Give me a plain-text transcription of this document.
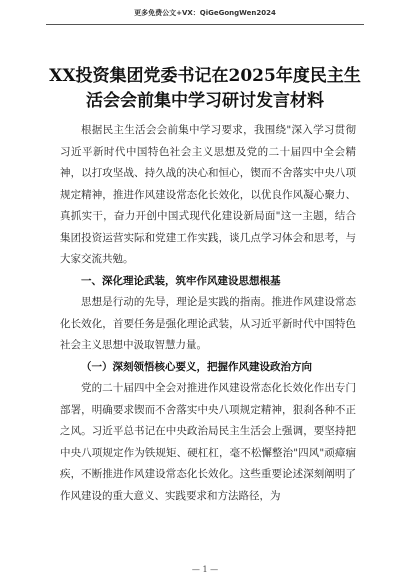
更多免费公文+VX：QiGeGongWen2024
XX投资集团党委书记在2025年度民主生活会会前集中学习研讨发言材料

根据民主生活会会前集中学习要求，我围绕"深入学习贯彻习近平新时代中国特色社会主义思想及党的二十届四中全会精神，以打攻坚战、持久战的决心和恒心，锲而不舍落实中央八项规定精神，推进作风建设常态化长效化，以优良作风凝心聚力、真抓实干，奋力开创中国式现代化建设新局面"这一主题，结合集团投资运营实际和党建工作实践，谈几点学习体会和思考，与大家交流共勉。

一、深化理论武装，筑牢作风建设思想根基

思想是行动的先导，理论是实践的指南。推进作风建设常态化长效化，首要任务是强化理论武装，从习近平新时代中国特色社会主义思想中汲取智慧力量。

（一）深刻领悟核心要义，把握作风建设政治方向

党的二十届四中全会对推进作风建设常态化长效化作出专门部署，明确要求锲而不舍落实中央八项规定精神，狠刹各种不正之风。习近平总书记在中央政治局民主生活会上强调，要坚持把中央八项规定作为铁规矩、硬杠杠，毫不松懈整治"四风"顽瘴痼疾，不断推进作风建设常态化长效化。这些重要论述深刻阐明了作风建设的重大意义、实践要求和方法路径，为

— 1 —
